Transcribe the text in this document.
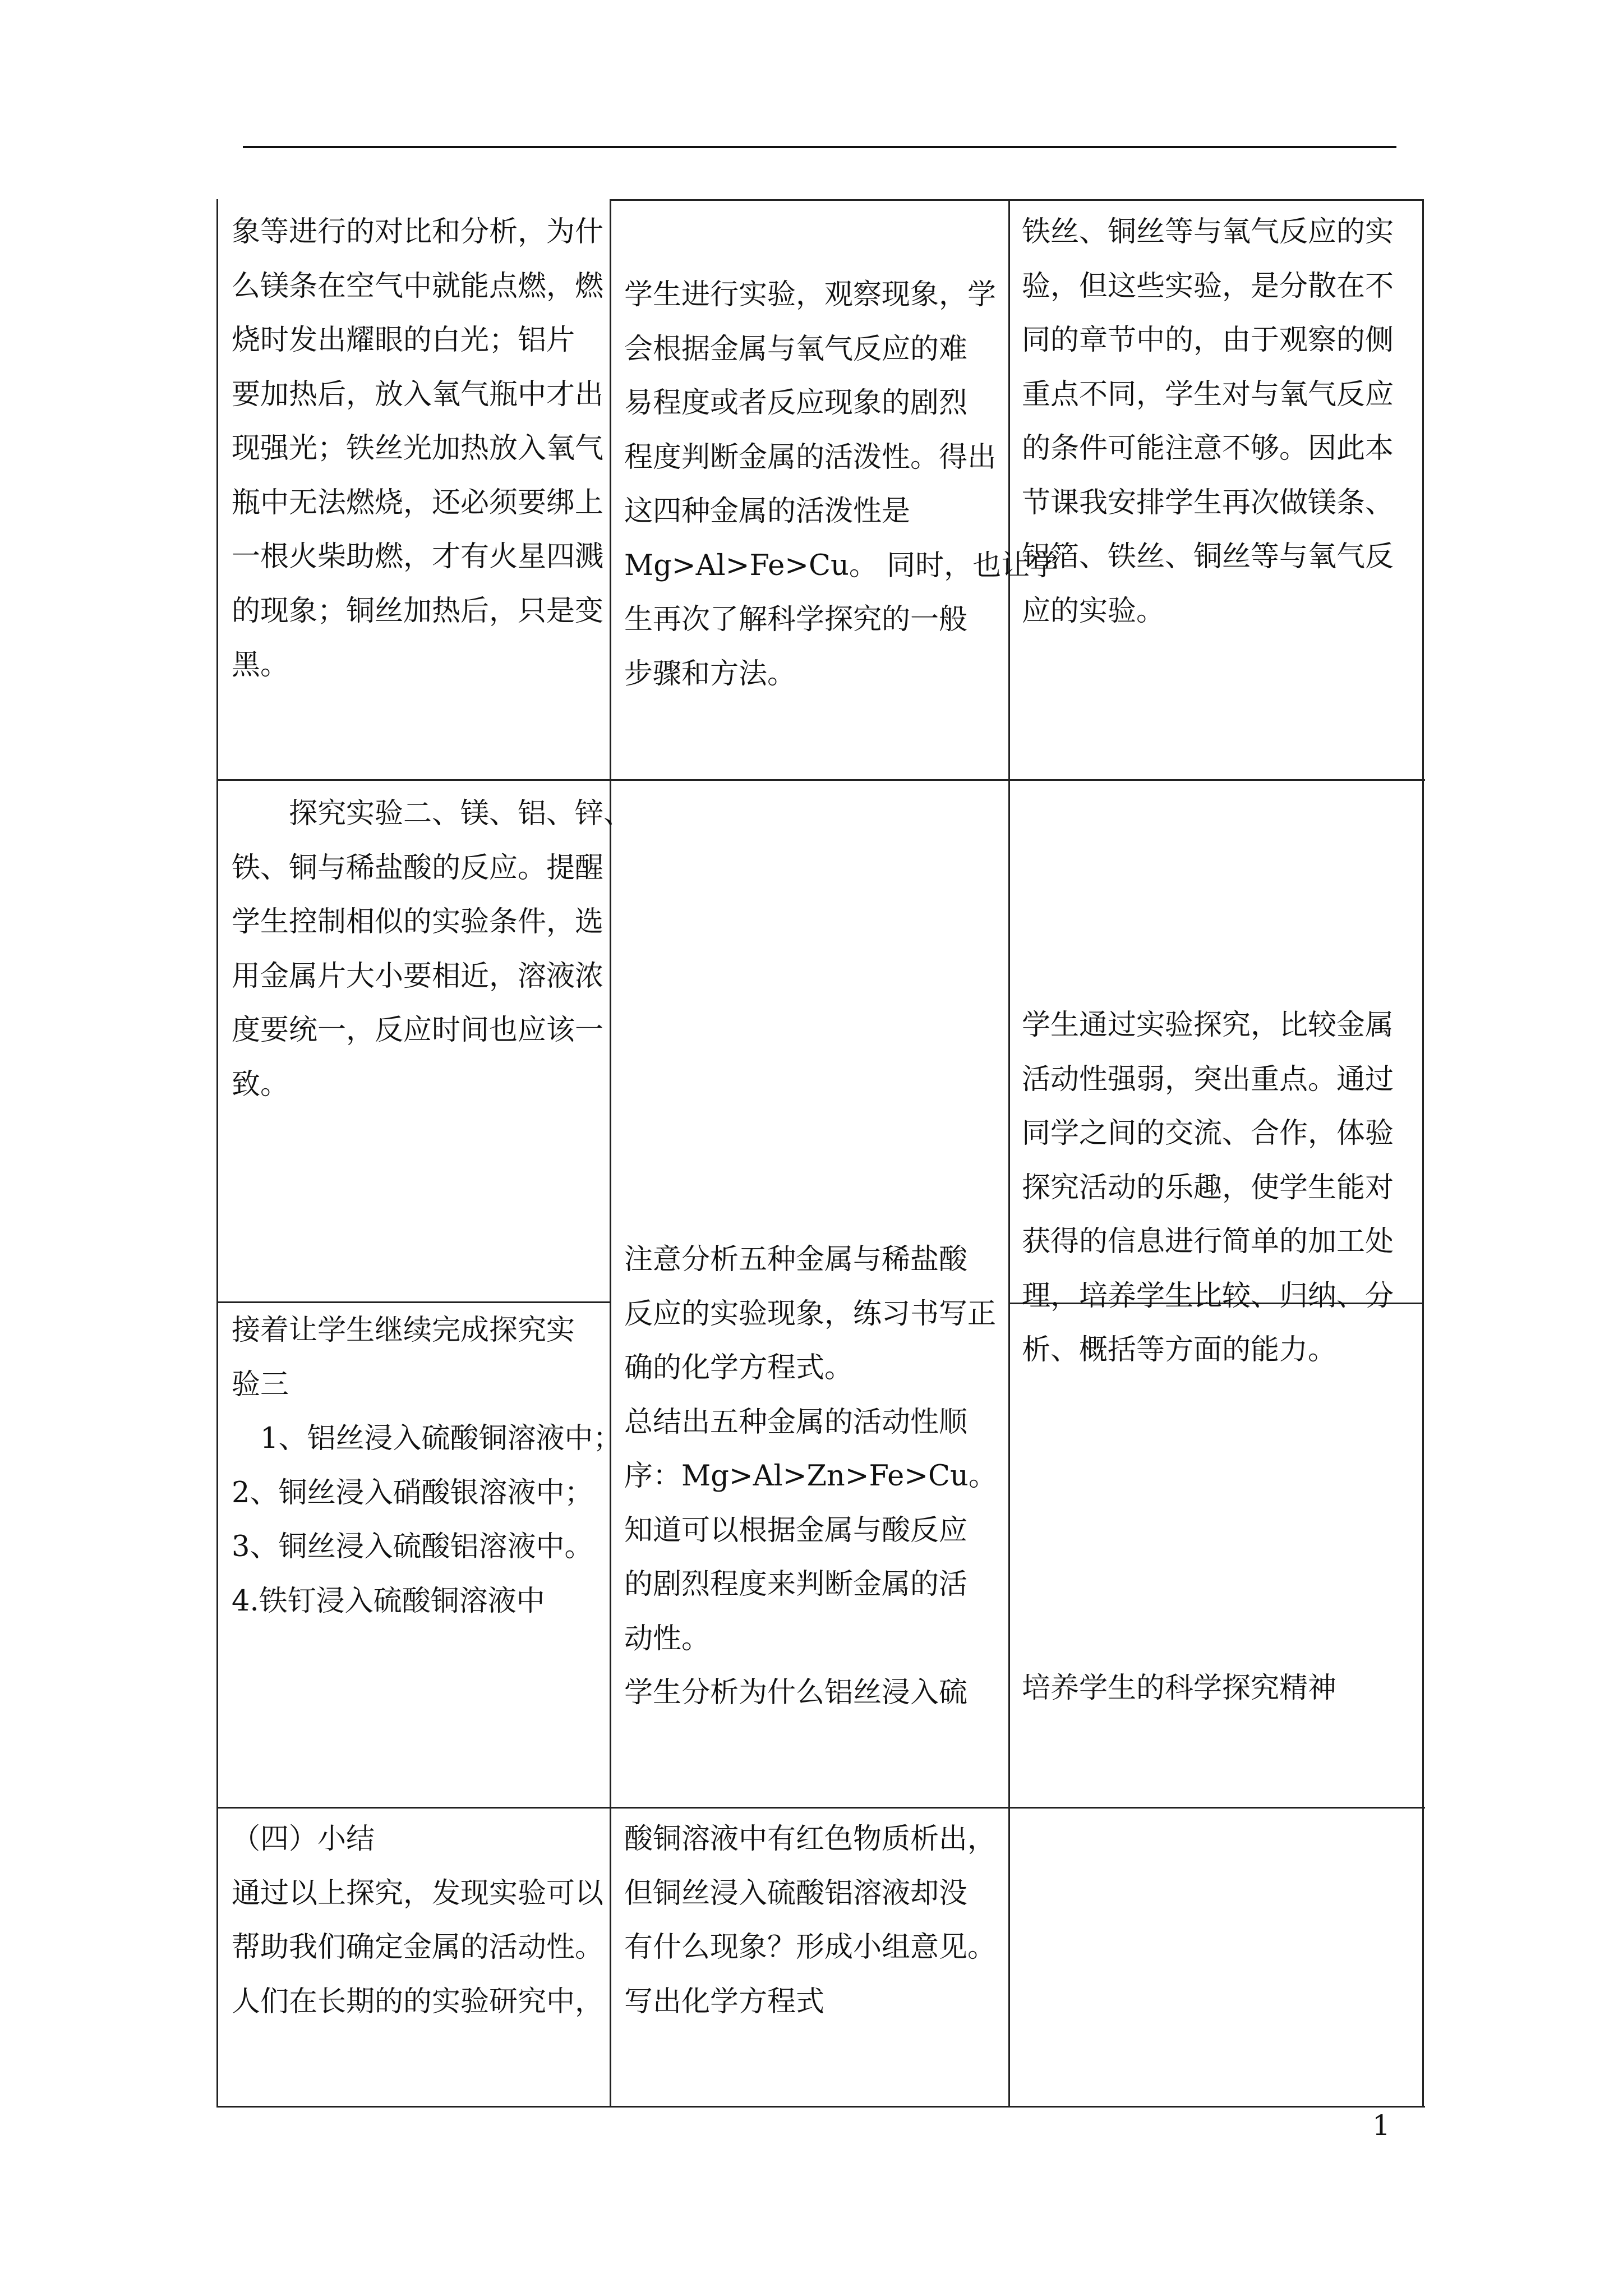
象等进行的对比和分析，为什
么镁条在空气中就能点燃，燃
烧时发出耀眼的白光；铝片
要加热后，放入氧气瓶中才出
现强光；铁丝光加热放入氧气
瓶中无法燃烧，还必须要绑上
一根火柴助燃，才有火星四溅
的现象；铜丝加热后，只是变
黑。
学生进行实验，观察现象，学
会根据金属与氧气反应的难
易程度或者反应现象的剧烈
程度判断金属的活泼性。得出
这四种金属的活泼性是
Mg>Al>Fe>Cu。 同时，也让学
生再次了解科学探究的一般
步骤和方法。
铁丝、铜丝等与氧气反应的实
验，但这些实验，是分散在不
同的章节中的，由于观察的侧
重点不同，学生对与氧气反应
的条件可能注意不够。因此本
节课我安排学生再次做镁条、
铝箔、铁丝、铜丝等与氧气反
应的实验。
　　探究实验二、镁、铝、锌、
铁、铜与稀盐酸的反应。提醒
学生控制相似的实验条件，选
用金属片大小要相近，溶液浓
度要统一，反应时间也应该一
致。
接着让学生继续完成探究实
验三
　1、铝丝浸入硫酸铜溶液中；
2、铜丝浸入硝酸银溶液中；
3、铜丝浸入硫酸铝溶液中。
4.铁钉浸入硫酸铜溶液中
注意分析五种金属与稀盐酸
反应的实验现象，练习书写正
确的化学方程式。
总结出五种金属的活动性顺
序：Mg>Al>Zn>Fe>Cu。
知道可以根据金属与酸反应
的剧烈程度来判断金属的活
动性。
学生分析为什么铝丝浸入硫
学生通过实验探究，比较金属
活动性强弱，突出重点。通过
同学之间的交流、合作，体验
探究活动的乐趣，使学生能对
获得的信息进行简单的加工处
理，培养学生比较、归纳、分
析、概括等方面的能力。
培养学生的科学探究精神
（四）小结
通过以上探究，发现实验可以
帮助我们确定金属的活动性。
人们在长期的的实验研究中，
酸铜溶液中有红色物质析出，
但铜丝浸入硫酸铝溶液却没
有什么现象？形成小组意见。
写出化学方程式
1
